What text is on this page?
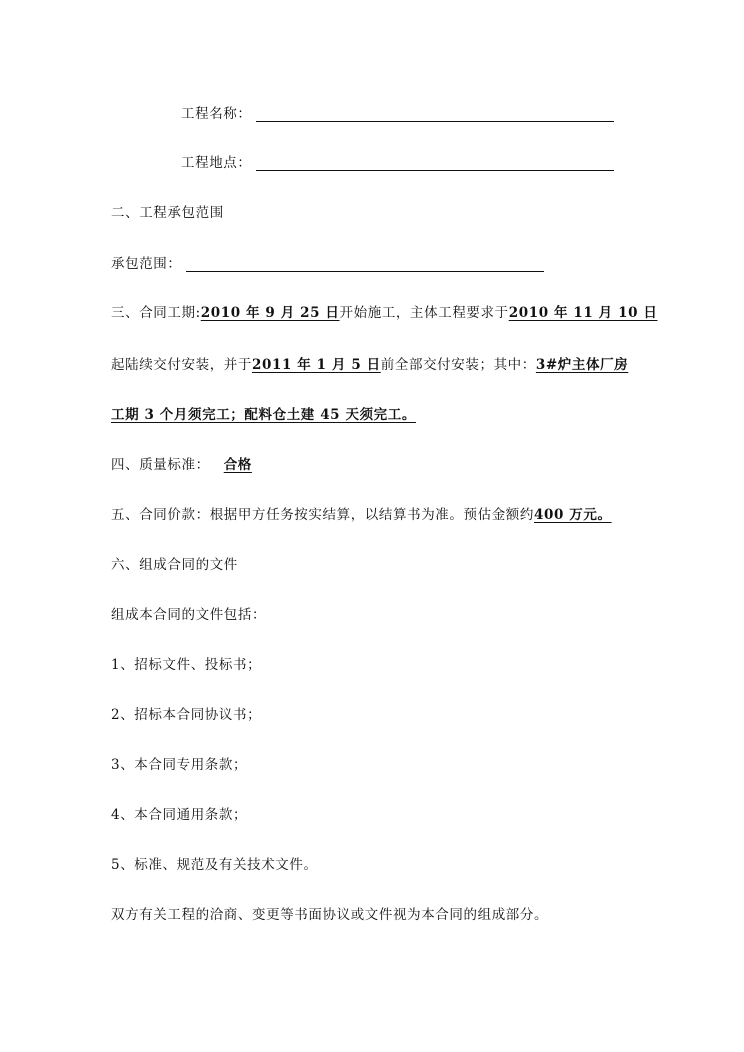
工程名称：
工程地点：
二、工程承包范围
承包范围：
三、合同工期:2010 年 9 月 25 日开始施工，主体工程要求于2010 年 11 月 10 日
起陆续交付安装，并于2011 年 1 月 5 日前全部交付安装；其中：3#炉主体厂房
工期 3 个月须完工；配料仓土建 45 天须完工。
四、质量标准： 合格
五、合同价款：根据甲方任务按实结算，以结算书为准。预估金额约400 万元。
六、组成合同的文件
组成本合同的文件包括：
1、招标文件、投标书；
2、招标本合同协议书；
3、本合同专用条款；
4、本合同通用条款；
5、标准、规范及有关技术文件。
双方有关工程的洽商、变更等书面协议或文件视为本合同的组成部分。
